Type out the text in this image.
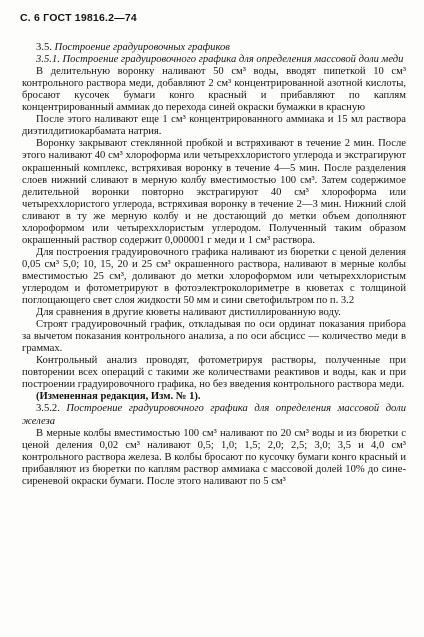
С. 6 ГОСТ 19816.2—74

3.5. Построение градуировочных графиков

3.5.1. Построение градуировочного графика для определения массовой доли меди

В делительную воронку наливают 50 см³ воды, вводят пипеткой 10 см³ контрольного раствора меди, добавляют 2 см³ концентрированной азотной кислоты, бросают кусочек бумаги конго красный и прибавляют по каплям концентрированный аммиак до перехода синей окраски бумажки в красную

После этого наливают еще 1 см³ концентрированного аммиака и 15 мл раствора диэтилдитиокарбамата натрия.

Воронку закрывают стеклянной пробкой и встряхивают в течение 2 мин. После этого наливают 40 см³ хлороформа или четыреххлористого углерода и экстрагируют окрашенный комплекс, встряхивая воронку в течение 4—5 мин. После разделения слоев нижний сливают в мерную колбу вместимостью 100 см³. Затем содержимое делительной воронки повторно экстрагируют 40 см³ хлороформа или четыреххлористого углерода, встряхивая воронку в течение 2—3 мин. Нижний слой сливают в ту же мерную колбу и не достающий до метки объем дополняют хлороформом или четыреххлористым углеродом. Полученный таким образом окрашенный раствор содержит 0,000001 г меди и 1 см³ раствора.

Для построения градуировочного графика наливают из бюретки с ценой деления 0,05 см³ 5,0; 10, 15, 20 и 25 см³ окрашенного раствора, наливают в мерные колбы вместимостью 25 см³, доливают до метки хлороформом или четыреххлористым углеродом и фотометрируют в фотоэлектроколориметре в кюветах с толщиной поглощающего свет слоя жидкости 50 мм и сини светофильтром по п. 3.2

Для сравнения в другие кюветы наливают дистиллированную воду.

Строят градуировочный график, откладывая по оси ординат показания прибора за вычетом показания контрольного анализа, а по оси абсцисс — количество меди в граммах.

Контрольный анализ проводят, фотометрируя растворы, полученные при повторении всех операций с такими же количествами реактивов и воды, как и при построении градуировочного графика, но без введения контрольного раствора меди.

(Измененная редакция, Изм. № 1).

3.5.2. Построение градуировочного графика для определения массовой доли железа

В мерные колбы вместимостью 100 см³ наливают по 20 см³ воды и из бюретки с ценой деления 0,02 см³ наливают 0,5; 1,0; 1,5; 2,0; 2,5; 3,0; 3,5 и 4,0 см³ контрольного раствора железа. В колбы бросают по кусочку бумаги конго красный и прибавляют из бюретки по каплям раствор аммиака с массовой долей 10% до сине-сиреневой окраски бумаги. После этого наливают по 5 см³
